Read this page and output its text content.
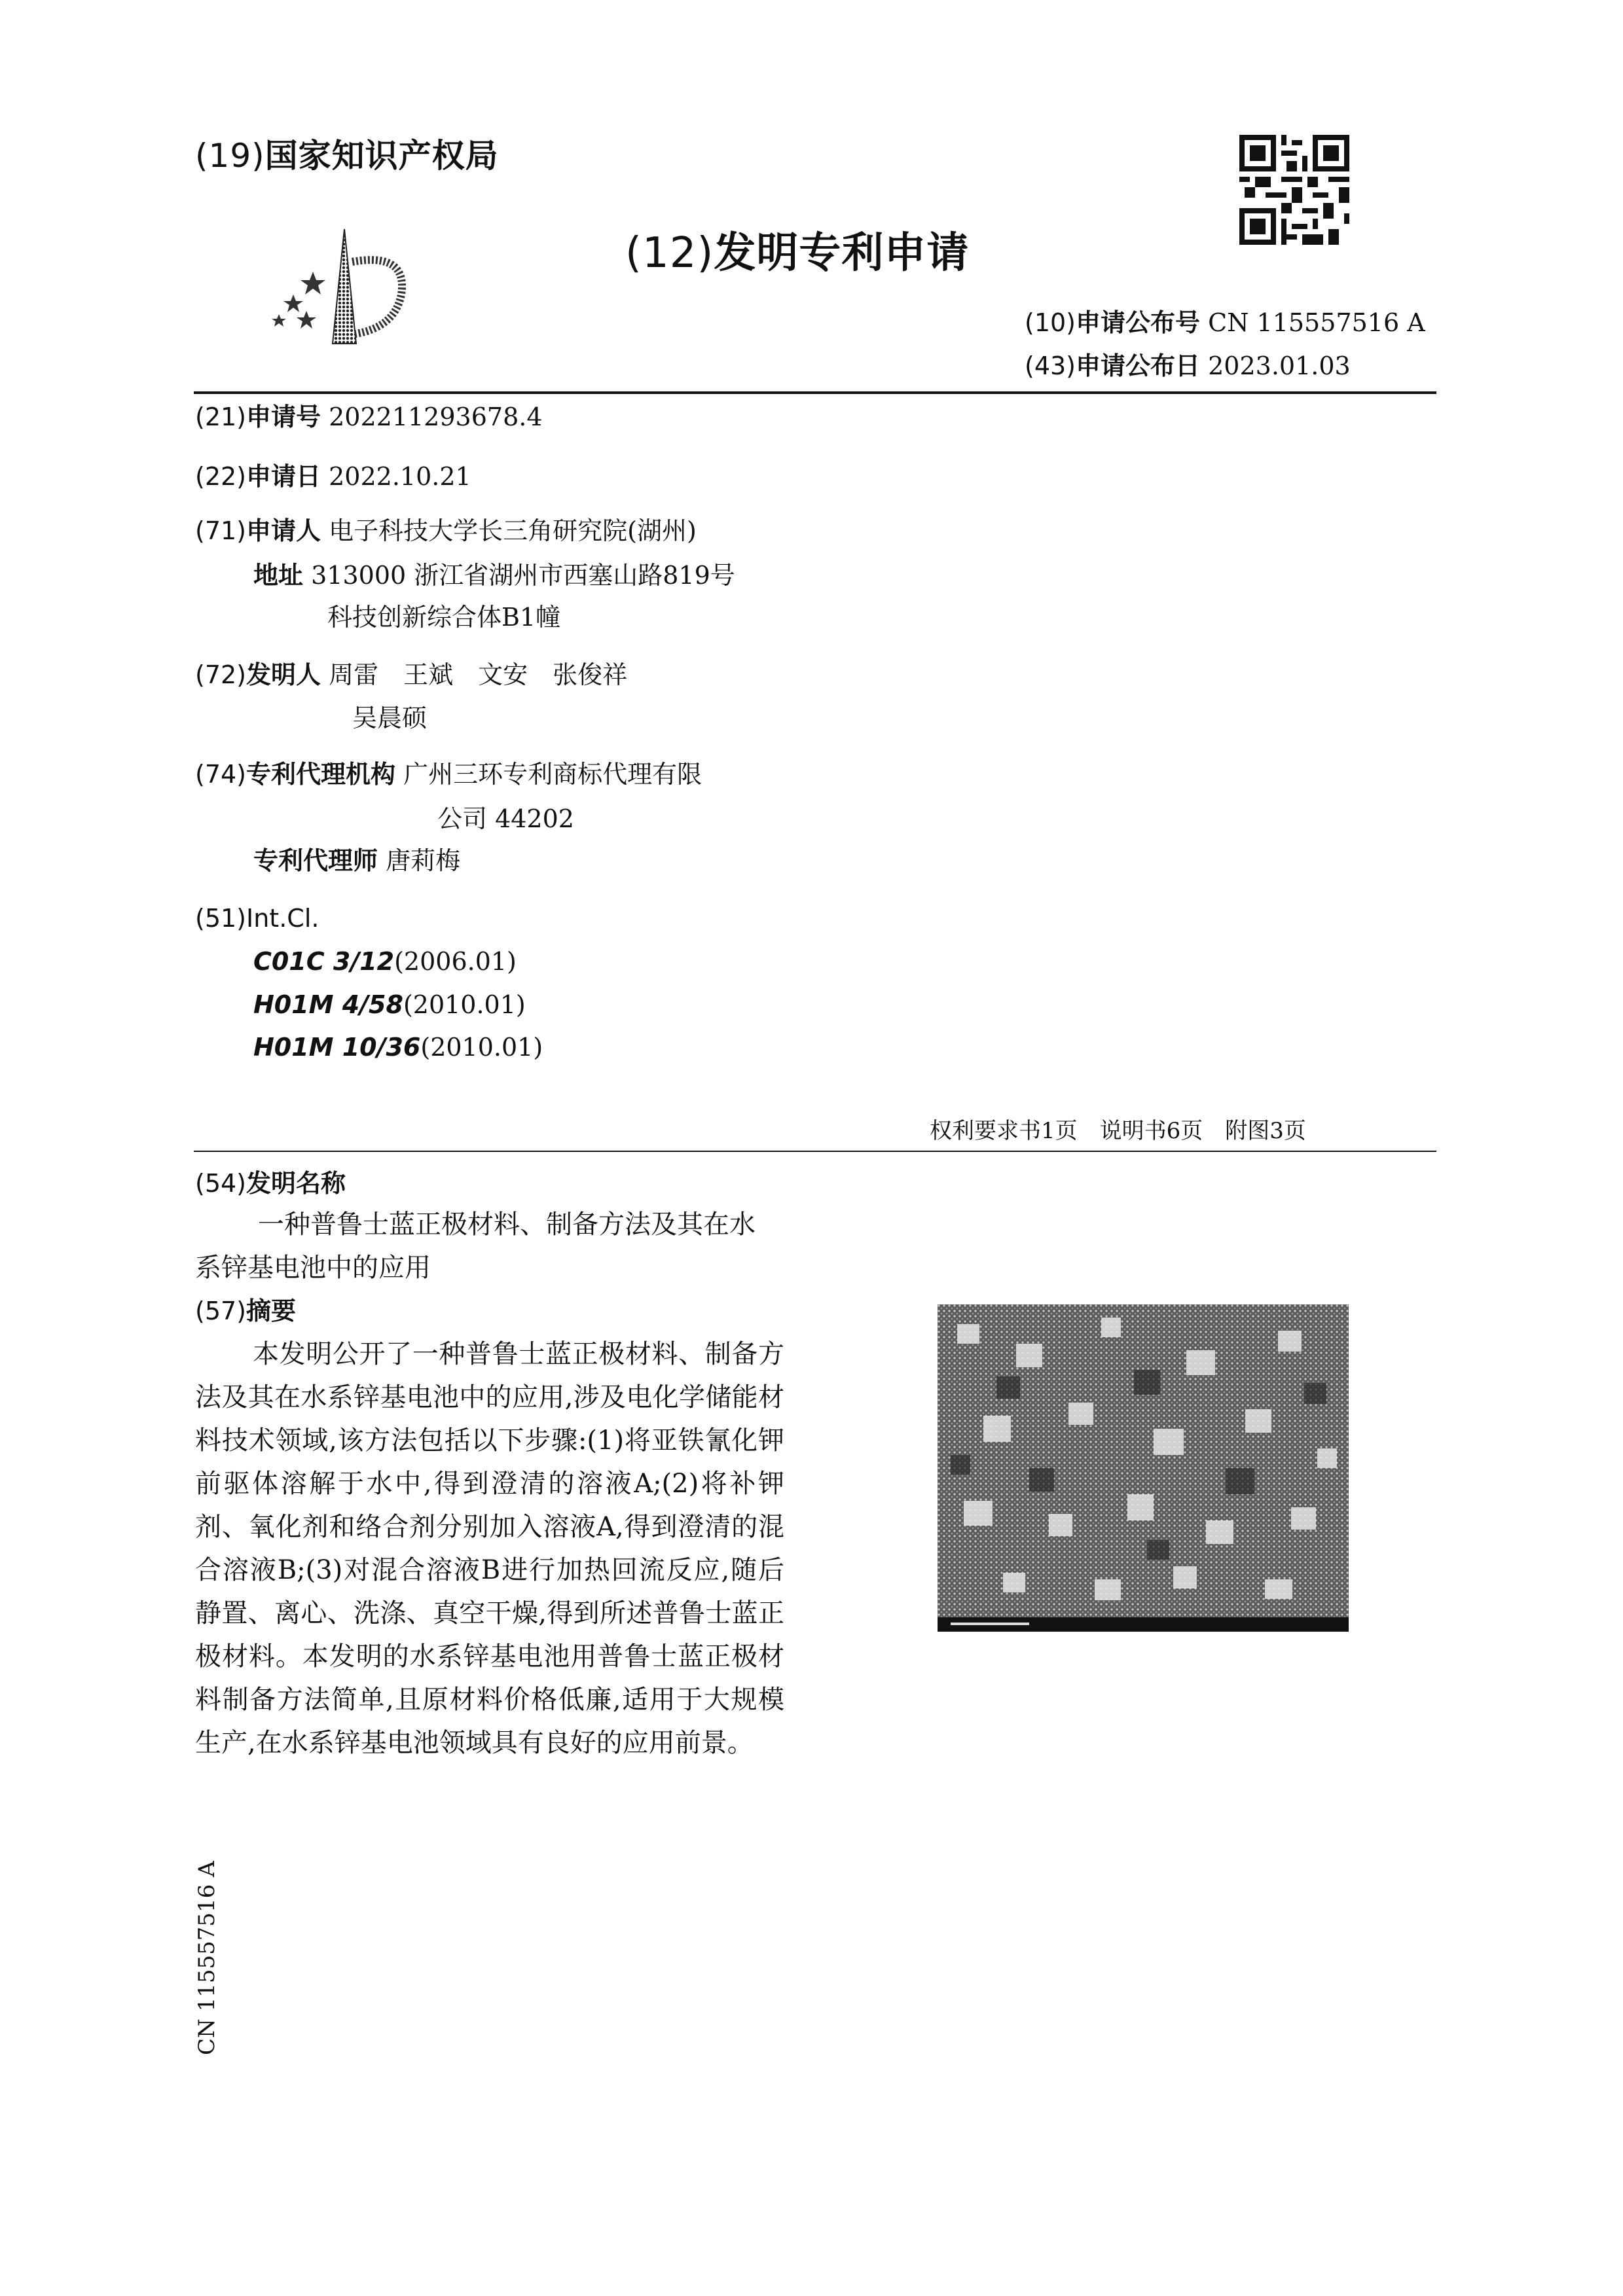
(19)国家知识产权局
(12)发明专利申请
(10)申请公布号 CN 115557516 A
(43)申请公布日 2023.01.03
(21)申请号 202211293678.4
(22)申请日 2022.10.21
(71)申请人 电子科技大学长三角研究院(湖州)
地址 313000 浙江省湖州市西塞山路819号
科技创新综合体B1幢
(72)发明人 周雷　王斌　文安　张俊祥
吴晨硕
(74)专利代理机构 广州三环专利商标代理有限
公司 44202
专利代理师 唐莉梅
(51)Int.Cl.
C01C 3/12(2006.01)
H01M 4/58(2010.01)
H01M 10/36(2010.01)
权利要求书1页　说明书6页　附图3页
(54)发明名称

一种普鲁士蓝正极材料、制备方法及其在水

系锌基电池中的应用

(57)摘要

本发明公开了一种普鲁士蓝正极材料、制备方法及其在水系锌基电池中的应用,涉及电化学储能材料技术领域,该方法包括以下步骤:(1)将亚铁氰化钾前驱体溶解于水中,得到澄清的溶液A;(2)将补钾剂、氧化剂和络合剂分别加入溶液A,得到澄清的混合溶液B;(3)对混合溶液B进行加热回流反应,随后静置、离心、洗涤、真空干燥,得到所述普鲁士蓝正极材料。本发明的水系锌基电池用普鲁士蓝正极材料制备方法简单,且原材料价格低廉,适用于大规模生产,在水系锌基电池领域具有良好的应用前景。

CN 115557516 A
